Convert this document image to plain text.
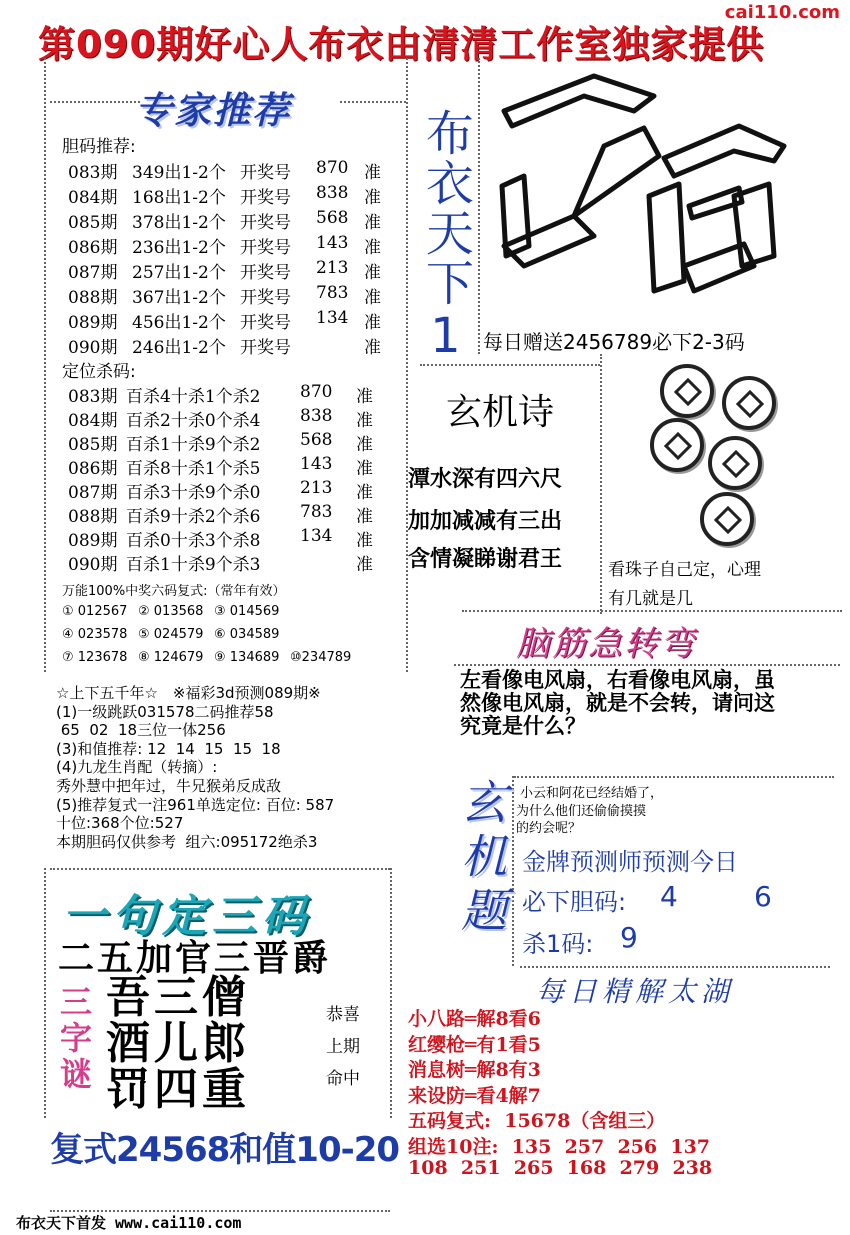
第090期好心人布衣由清清工作室独家提供
cai110.com
专家推荐
胆码推荐:
083期 349出1-2个 开奖号 870 准
084期 168出1-2个 开奖号 838 准
085期 378出1-2个 开奖号 568 准
086期 236出1-2个 开奖号 143 准
087期 257出1-2个 开奖号 213 准
088期 367出1-2个 开奖号 783 准
089期 456出1-2个 开奖号 134 准
090期 246出1-2个 开奖号	准
定位杀码:
083期 百杀4十杀1个杀2 870 准
084期 百杀2十杀0个杀4 838 准
085期 百杀1十杀9个杀2 568 准
086期 百杀8十杀1个杀5 143 准
087期 百杀3十杀9个杀0 213 准
088期 百杀9十杀2个杀6 783 准
089期 百杀0十杀3个杀8 134 准
090期 百杀1十杀9个杀3	准
万能100%中奖六码复式:（常年有效）
① 012567 ② 013568 ③ 014569
④ 023578 ⑤ 024579 ⑥ 034589
⑦ 123678 ⑧ 124679 ⑨ 134689 ⑩234789
☆上下五千年☆　※福彩3d预测089期※
(1)一级跳跃031578二码推荐58
65  02  18三位一体256
(3)和值推荐: 12  14  15  15  18
(4)九龙生肖配（转摘）:
秀外慧中把年过，牛兄猴弟反成敌
(5)推荐复式一注961单选定位: 百位: 587
十位:368个位:527
本期胆码仅供参考  组六:095172绝杀3
一句定三码
二五加官三晋爵
三字谜 吾三僧
酒儿郎
罚四重
恭喜
上期
命中
复式24568和值10-20
布衣天下1 每日赠送2456789必下2-3码
玄机诗
潭水深有四六尺
加加减减有三出
含情凝睇谢君王	看珠子自己定，心理
有几就是几
脑筋急转弯
左看像电风扇，右看像电风扇，虽然像电风扇，就是不会转，请问这究竟是什么？
玄机题 小云和阿花已经结婚了，
为什么他们还偷偷摸摸
的约会呢？
金牌预测师预测今日
必下胆码: 4	6
杀1码: 9
每日精解太湖
小八路═解8看6
红缨枪═有1看5
消息树═解8有3
来设防═看4解7
五码复式:  15678（含组三）
组选10注:  135  257  256  137
108  251  265  168  279  238
布衣天下首发 www.cai110.com
